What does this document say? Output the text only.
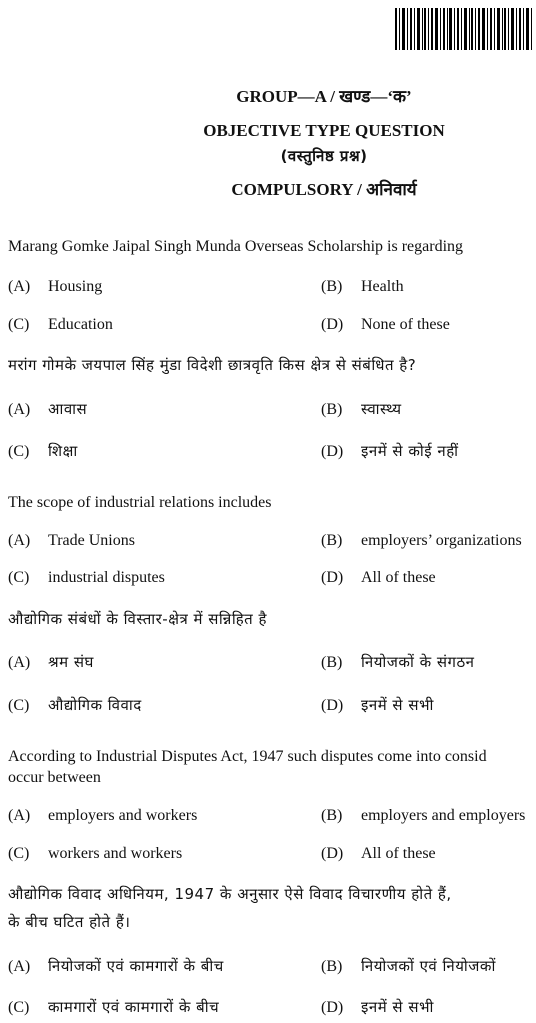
GROUP—A / खण्ड—‘क’
OBJECTIVE TYPE QUESTION
(वस्तुनिष्ठ प्रश्न)
COMPULSORY / अनिवार्य
Marang Gomke Jaipal Singh Munda Overseas Scholarship is regarding
(A) Housing	(B) Health
(C) Education	(D) None of these
मरांग गोमके जयपाल सिंह मुंडा विदेशी छात्रवृति किस क्षेत्र से संबंधित है?
(A) आवास	(B) स्वास्थ्य
(C) शिक्षा	(D) इनमें से कोई नहीं
The scope of industrial relations includes
(A) Trade Unions	(B) employers’ organizations
(C) industrial disputes	(D) All of these
औद्योगिक संबंधों के विस्तार-क्षेत्र में सन्निहित है
(A) श्रम संघ	(B) नियोजकों के संगठन
(C) औद्योगिक विवाद	(D) इनमें से सभी
According to Industrial Disputes Act, 1947 such disputes come into consid
occur between
(A) employers and workers	(B) employers and employers
(C) workers and workers	(D) All of these
औद्योगिक विवाद अधिनियम, 1947 के अनुसार ऐसे विवाद विचारणीय होते हैं,
के बीच घटित होते हैं।
(A) नियोजकों एवं कामगारों के बीच	(B) नियोजकों एवं नियोजकों
(C) कामगारों एवं कामगारों के बीच	(D) इनमें से सभी
